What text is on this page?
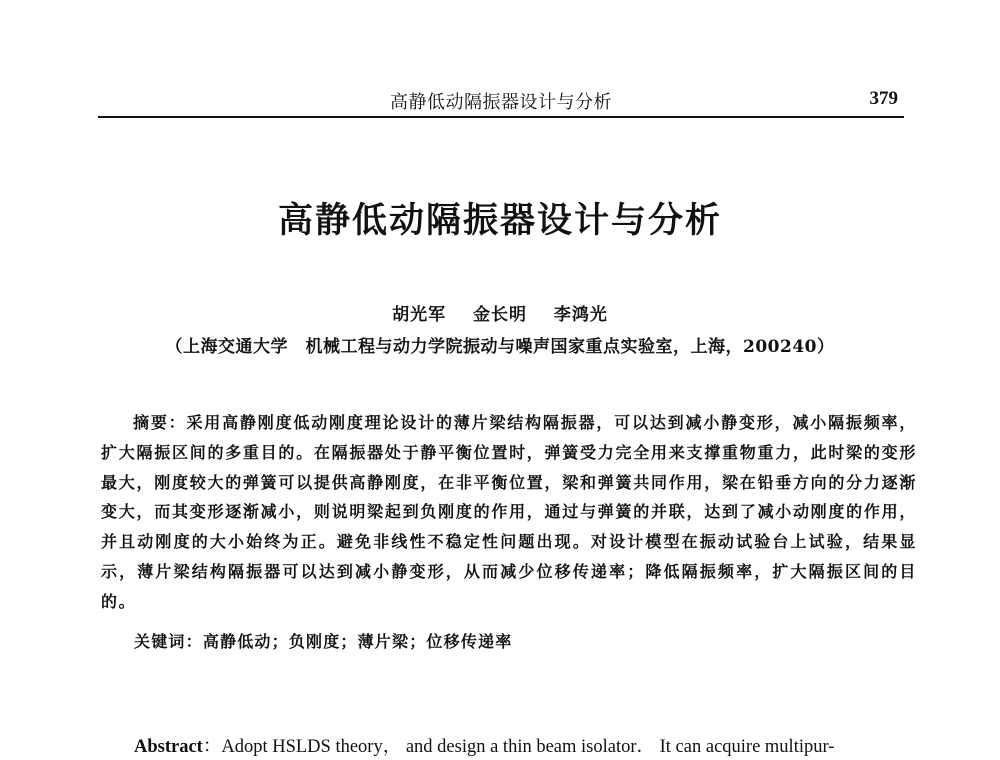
高静低动隔振器设计与分析	379
高静低动隔振器设计与分析
胡光军 金长明 李鸿光
（上海交通大学　机械工程与动力学院振动与噪声国家重点实验室，上海，200240）

摘要：采用高静刚度低动刚度理论设计的薄片梁结构隔振器，可以达到减小静变形，减小隔振频率，扩大隔振区间的多重目的。在隔振器处于静平衡位置时，弹簧受力完全用来支撑重物重力，此时梁的变形最大，刚度较大的弹簧可以提供高静刚度，在非平衡位置，梁和弹簧共同作用，梁在铅垂方向的分力逐渐变大，而其变形逐渐减小，则说明梁起到负刚度的作用，通过与弹簧的并联，达到了减小动刚度的作用，并且动刚度的大小始终为正。避免非线性不稳定性问题出现。对设计模型在振动试验台上试验，结果显示，薄片梁结构隔振器可以达到减小静变形，从而减少位移传递率；降低隔振频率，扩大隔振区间的目的。

关键词：高静低动；负刚度；薄片梁；位移传递率

Abstract：Adopt HSLDS theory， and design a thin beam isolator． It can acquire multipur-
